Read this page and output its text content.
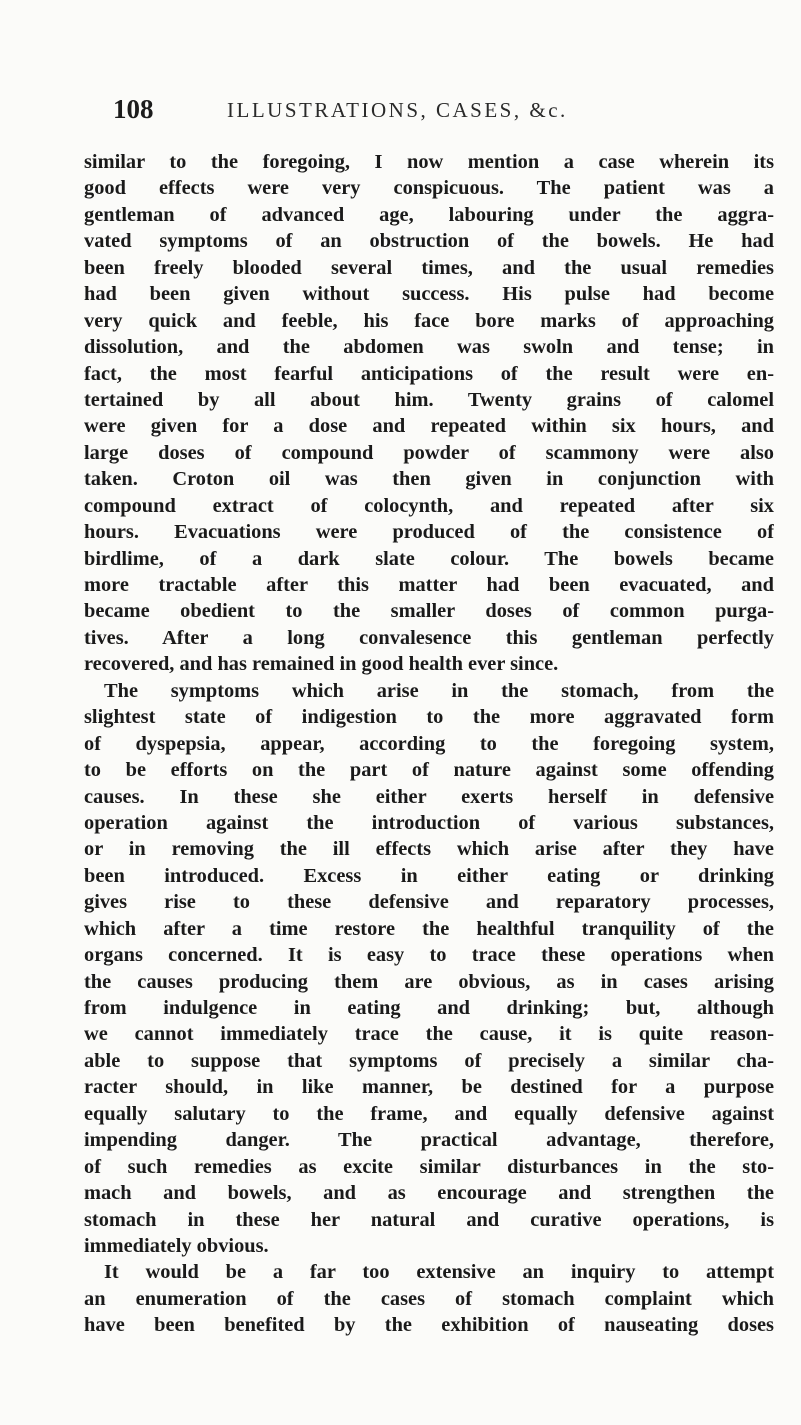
108	ILLUSTRATIONS, CASES, &c.
similar to the foregoing, I now mention a case wherein its
good effects were very conspicuous. The patient was a
gentleman of advanced age, labouring under the aggra-
vated symptoms of an obstruction of the bowels. He had
been freely blooded several times, and the usual remedies
had been given without success. His pulse had become
very quick and feeble, his face bore marks of approaching
dissolution, and the abdomen was swoln and tense; in
fact, the most fearful anticipations of the result were en-
tertained by all about him. Twenty grains of calomel
were given for a dose and repeated within six hours, and
large doses of compound powder of scammony were also
taken. Croton oil was then given in conjunction with
compound extract of colocynth, and repeated after six
hours. Evacuations were produced of the consistence of
birdlime, of a dark slate colour. The bowels became
more tractable after this matter had been evacuated, and
became obedient to the smaller doses of common purga-
tives. After a long convalesence this gentleman perfectly
recovered, and has remained in good health ever since.
The symptoms which arise in the stomach, from the
slightest state of indigestion to the more aggravated form
of dyspepsia, appear, according to the foregoing system,
to be efforts on the part of nature against some offending
causes. In these she either exerts herself in defensive
operation against the introduction of various substances,
or in removing the ill effects which arise after they have
been introduced. Excess in either eating or drinking
gives rise to these defensive and reparatory processes,
which after a time restore the healthful tranquility of the
organs concerned. It is easy to trace these operations when
the causes producing them are obvious, as in cases arising
from indulgence in eating and drinking; but, although
we cannot immediately trace the cause, it is quite reason-
able to suppose that symptoms of precisely a similar cha-
racter should, in like manner, be destined for a purpose
equally salutary to the frame, and equally defensive against
impending danger. The practical advantage, therefore,
of such remedies as excite similar disturbances in the sto-
mach and bowels, and as encourage and strengthen the
stomach in these her natural and curative operations, is
immediately obvious.
It would be a far too extensive an inquiry to attempt
an enumeration of the cases of stomach complaint which
have been benefited by the exhibition of nauseating doses
